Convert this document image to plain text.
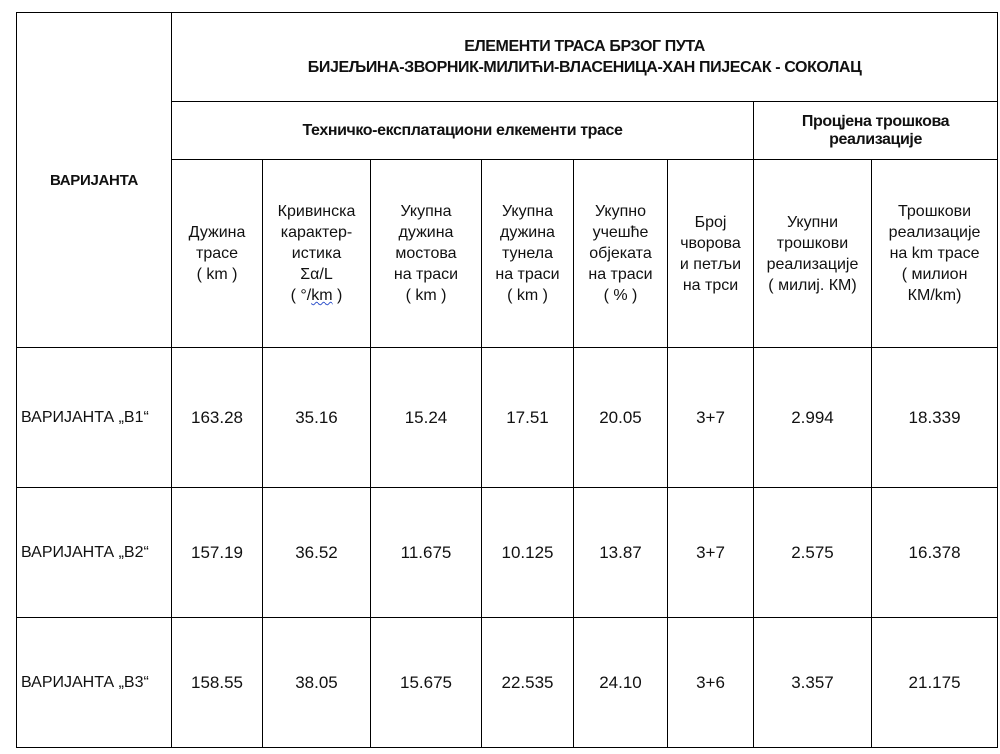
ВАРИЈАНТА	ЕЛЕМЕНТИ ТРАСА БРЗОГ ПУТА
БИЈЕЉИНА-ЗВОРНИК-МИЛИЋИ-ВЛАСЕНИЦА-ХАН ПИЈЕСАК - СОКОЛАЦ							

	Техничко-експлатациони елкементи трасе						Процјена трошкова
реализације	

	Дужина
трасе
( km )	Кривинска
карактер-
истика
Σα/L
( °/km )	Укупна
дужина
мостова
на траси
( km )	Укупна
дужина
тунела
на траси
( km )	Укупно
учешће
објеката
на траси
( % )	Број
чворова
и петљи
на трси	Укупни
трошкови
реализације
( милиј. КМ)	Трошкови
реализације
на km трасе
( милион
КМ/km)

ВАРИЈАНТА „В1“	163.28	35.16	15.24	17.51	20.05	3+7	2.994	18.339
ВАРИЈАНТА „В2“	157.19	36.52	11.675	10.125	13.87	3+7	2.575	16.378
ВАРИЈАНТА „В3“	158.55	38.05	15.675	22.535	24.10	3+6	3.357	21.175
